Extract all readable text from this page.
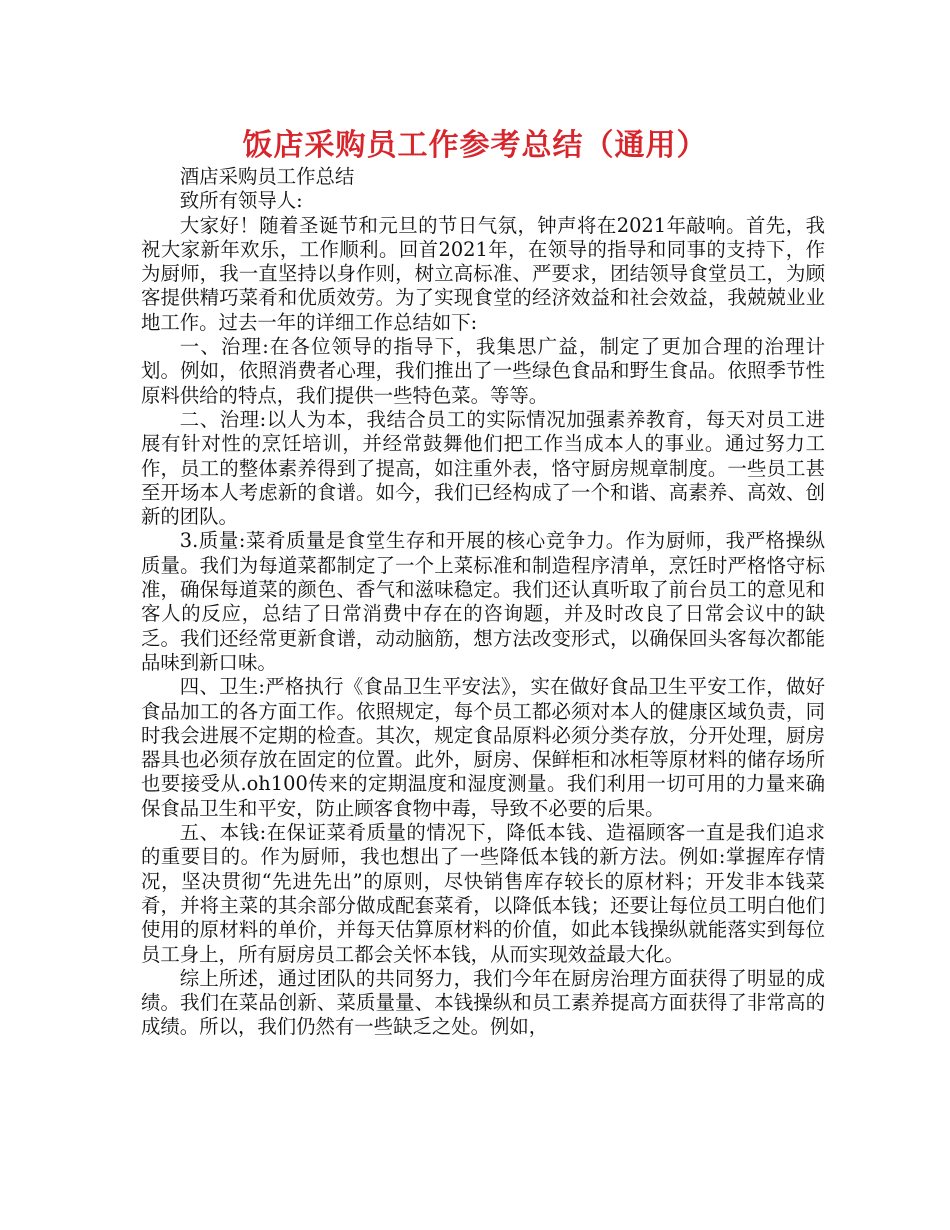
饭店采购员工作参考总结（通用）

酒店采购员工作总结

致所有领导人:

大家好！随着圣诞节和元旦的节日气氛，钟声将在2021年敲响。首先，我祝大家新年欢乐，工作顺利。回首2021年，在领导的指导和同事的支持下，作为厨师，我一直坚持以身作则，树立高标准、严要求，团结领导食堂员工，为顾客提供精巧菜肴和优质效劳。为了实现食堂的经济效益和社会效益，我兢兢业业地工作。过去一年的详细工作总结如下:

一、治理:在各位领导的指导下，我集思广益，制定了更加合理的治理计划。例如，依照消费者心理，我们推出了一些绿色食品和野生食品。依照季节性原料供给的特点，我们提供一些特色菜。等等。

二、治理:以人为本，我结合员工的实际情况加强素养教育，每天对员工进展有针对性的烹饪培训，并经常鼓舞他们把工作当成本人的事业。通过努力工作，员工的整体素养得到了提高，如注重外表，恪守厨房规章制度。一些员工甚至开场本人考虑新的食谱。如今，我们已经构成了一个和谐、高素养、高效、创新的团队。

3.质量:菜肴质量是食堂生存和开展的核心竞争力。作为厨师，我严格操纵质量。我们为每道菜都制定了一个上菜标准和制造程序清单，烹饪时严格恪守标准，确保每道菜的颜色、香气和滋味稳定。我们还认真听取了前台员工的意见和客人的反应，总结了日常消费中存在的咨询题，并及时改良了日常会议中的缺乏。我们还经常更新食谱，动动脑筋，想方法改变形式，以确保回头客每次都能品味到新口味。

四、卫生:严格执行《食品卫生平安法》，实在做好食品卫生平安工作，做好食品加工的各方面工作。依照规定，每个员工都必须对本人的健康区域负责，同时我会进展不定期的检查。其次，规定食品原料必须分类存放，分开处理，厨房器具也必须存放在固定的位置。此外，厨房、保鲜柜和冰柜等原材料的储存场所也要接受从.oh100传来的定期温度和湿度测量。我们利用一切可用的力量来确保食品卫生和平安，防止顾客食物中毒，导致不必要的后果。

五、本钱:在保证菜肴质量的情况下，降低本钱、造福顾客一直是我们追求的重要目的。作为厨师，我也想出了一些降低本钱的新方法。例如:掌握库存情况，坚决贯彻“先进先出”的原则，尽快销售库存较长的原材料；开发非本钱菜肴，并将主菜的其余部分做成配套菜肴，以降低本钱；还要让每位员工明白他们使用的原材料的单价，并每天估算原材料的价值，如此本钱操纵就能落实到每位员工身上，所有厨房员工都会关怀本钱，从而实现效益最大化。

综上所述，通过团队的共同努力，我们今年在厨房治理方面获得了明显的成绩。我们在菜品创新、菜质量量、本钱操纵和员工素养提高方面获得了非常高的成绩。所以，我们仍然有一些缺乏之处。例如，
